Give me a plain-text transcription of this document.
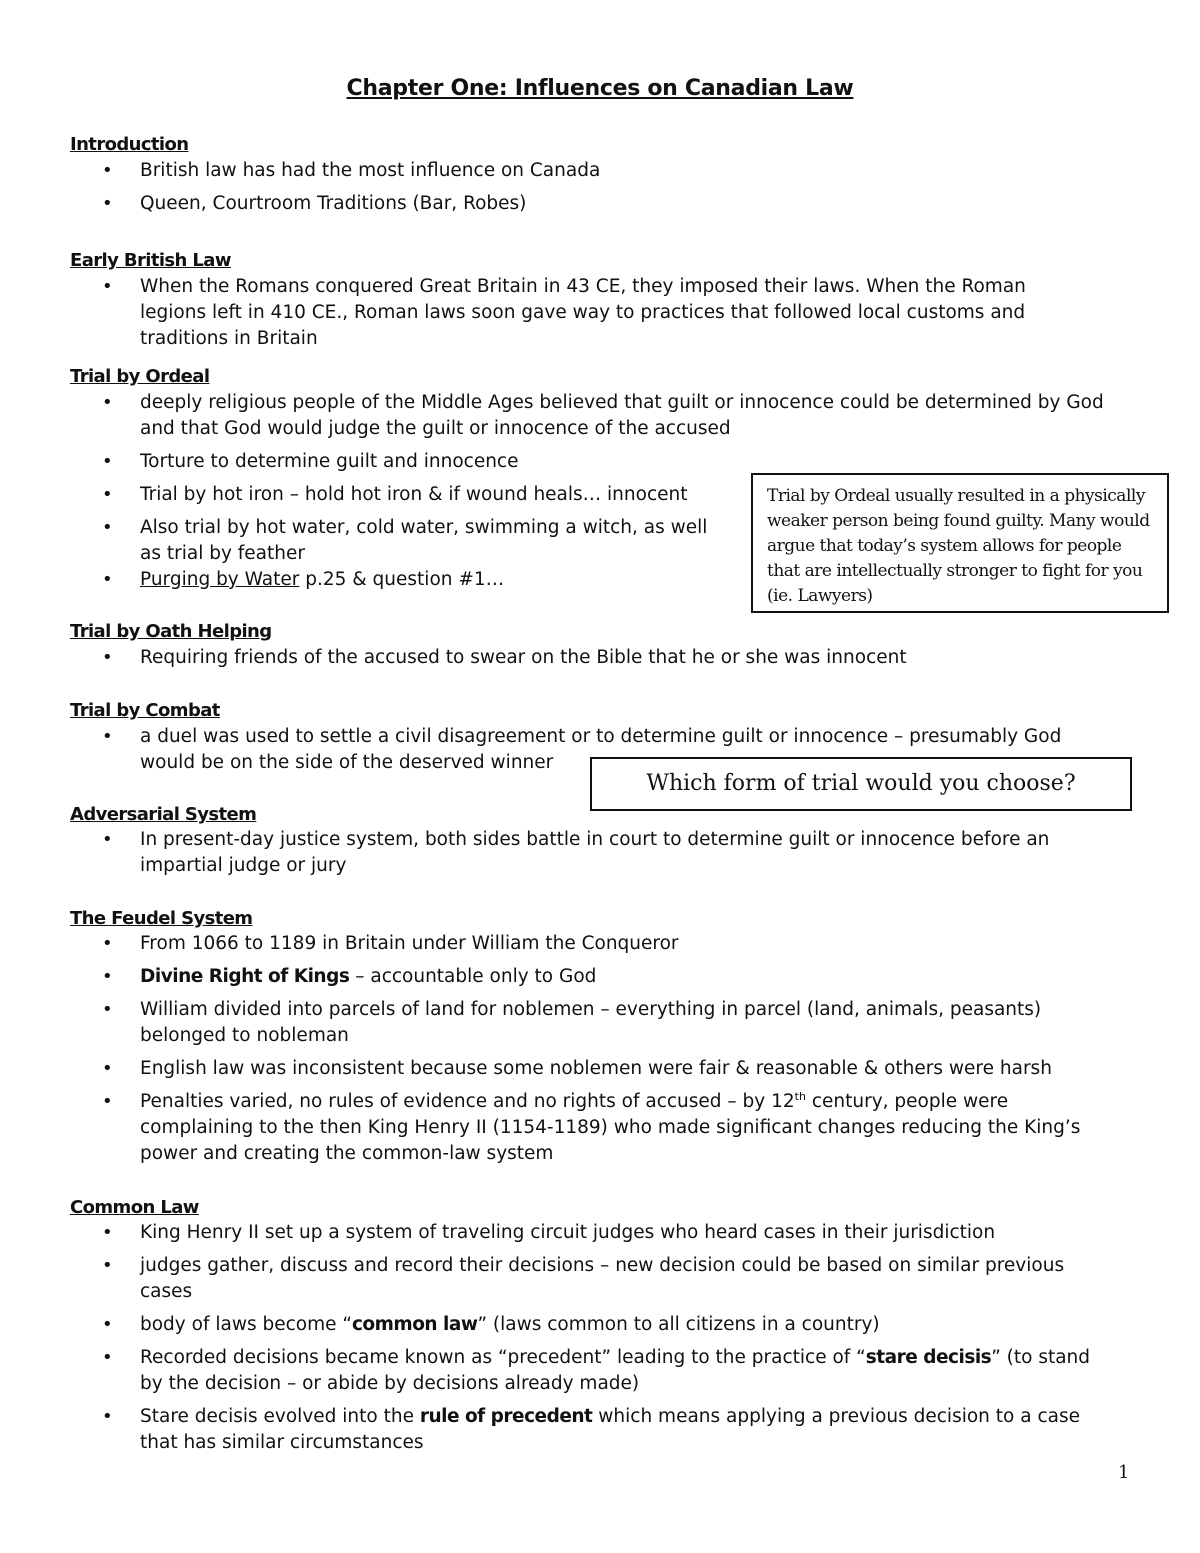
Chapter One: Influences on Canadian Law
Introduction
• British law has had the most influence on Canada
• Queen, Courtroom Traditions (Bar, Robes)
Early British Law
• When the Romans conquered Great Britain in 43 CE, they imposed their laws. When the Roman legions left in 410 CE., Roman laws soon gave way to practices that followed local customs and traditions in Britain
Trial by Ordeal
• deeply religious people of the Middle Ages believed that guilt or innocence could be determined by God and that God would judge the guilt or innocence of the accused
• Torture to determine guilt and innocence
• Trial by hot iron – hold hot iron & if wound heals… innocent
• Also trial by hot water, cold water, swimming a witch, as well as trial by feather
• Purging by Water p.25 & question #1…
Trial by Ordeal usually resulted in a physically weaker person being found guilty. Many would argue that today’s system allows for people that are intellectually stronger to fight for you (ie. Lawyers)
Trial by Oath Helping
• Requiring friends of the accused to swear on the Bible that he or she was innocent
Trial by Combat
• a duel was used to settle a civil disagreement or to determine guilt or innocence – presumably God would be on the side of the deserved winner
Which form of trial would you choose?
Adversarial System
• In present-day justice system, both sides battle in court to determine guilt or innocence before an impartial judge or jury
The Feudel System
• From 1066 to 1189 in Britain under William the Conqueror
• Divine Right of Kings – accountable only to God
• William divided into parcels of land for noblemen – everything in parcel (land, animals, peasants) belonged to nobleman
• English law was inconsistent because some noblemen were fair & reasonable & others were harsh
• Penalties varied, no rules of evidence and no rights of accused – by 12th century, people were complaining to the then King Henry II (1154-1189) who made significant changes reducing the King’s power and creating the common-law system
Common Law
• King Henry II set up a system of traveling circuit judges who heard cases in their jurisdiction
• judges gather, discuss and record their decisions – new decision could be based on similar previous cases
• body of laws become “common law” (laws common to all citizens in a country)
• Recorded decisions became known as “precedent” leading to the practice of “stare decisis” (to stand by the decision – or abide by decisions already made)
• Stare decisis evolved into the rule of precedent which means applying a previous decision to a case that has similar circumstances
1
